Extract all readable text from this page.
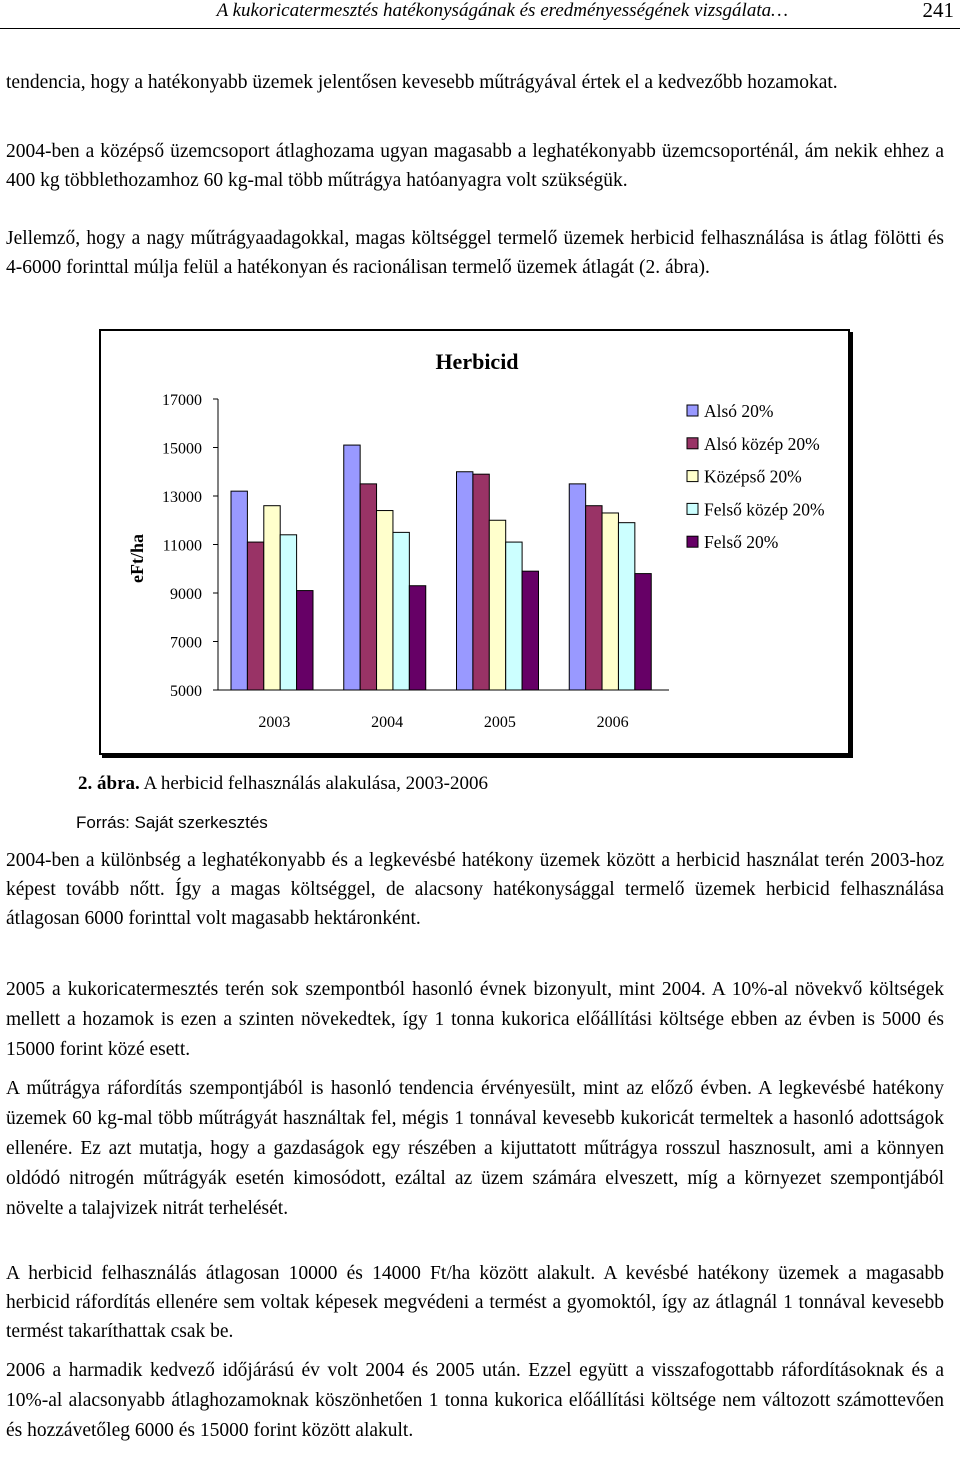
A kukoricatermesztés hatékonyságának és eredményességének vizsgálata…	241

tendencia, hogy a hatékonyabb üzemek jelentősen kevesebb műtrágyával értek el a kedvezőbb hozamokat.

2004-ben a középső üzemcsoport átlaghozama ugyan magasabb a leghatékonyabb üzemcsoporténál, ám nekik ehhez a 400 kg többlethozamhoz 60 kg-mal több műtrágya hatóanyagra volt szükségük.

Jellemző, hogy a nagy műtrágyaadagokkal, magas költséggel termelő üzemek herbicid felhasználása is átlag fölötti és 4-6000 forinttal múlja felül a hatékonyan és racionálisan termelő üzemek átlagát (2. ábra).

Herbicid
eFt/ha
17000
15000
13000
11000
9000
7000
5000
2003	2004	2005	2006
Alsó 20%
Alsó közép 20%
Középső 20%
Felső közép 20%
Felső 20%
2. ábra. A herbicid felhasználás alakulása, 2003-2006
Forrás: Saját szerkesztés

2004-ben a különbség a leghatékonyabb és a legkevésbé hatékony üzemek között a herbicid használat terén 2003-hoz képest tovább nőtt. Így a magas költséggel, de alacsony hatékonysággal termelő üzemek herbicid felhasználása átlagosan 6000 forinttal volt magasabb hektáronként.

2005 a kukoricatermesztés terén sok szempontból hasonló évnek bizonyult, mint 2004. A 10%-al növekvő költségek mellett a hozamok is ezen a szinten növekedtek, így 1 tonna kukorica előállítási költsége ebben az évben is 5000 és 15000 forint közé esett.

A műtrágya ráfordítás szempontjából is hasonló tendencia érvényesült, mint az előző évben. A legkevésbé hatékony üzemek 60 kg-mal több műtrágyát használtak fel, mégis 1 tonnával kevesebb kukoricát termeltek a hasonló adottságok ellenére. Ez azt mutatja, hogy a gazdaságok egy részében a kijuttatott műtrágya rosszul hasznosult, ami a könnyen oldódó nitrogén műtrágyák esetén kimosódott, ezáltal az üzem számára elveszett, míg a környezet szempontjából növelte a talajvizek nitrát terhelését.

A herbicid felhasználás átlagosan 10000 és 14000 Ft/ha között alakult. A kevésbé hatékony üzemek a magasabb herbicid ráfordítás ellenére sem voltak képesek megvédeni a termést a gyomoktól, így az átlagnál 1 tonnával kevesebb termést takaríthattak csak be.

2006 a harmadik kedvező időjárású év volt 2004 és 2005 után. Ezzel együtt a visszafogottabb ráfordításoknak és a 10%-al alacsonyabb átlaghozamoknak köszönhetően 1 tonna kukorica előállítási költsége nem változott számottevően és hozzávetőleg 6000 és 15000 forint között alakult.
